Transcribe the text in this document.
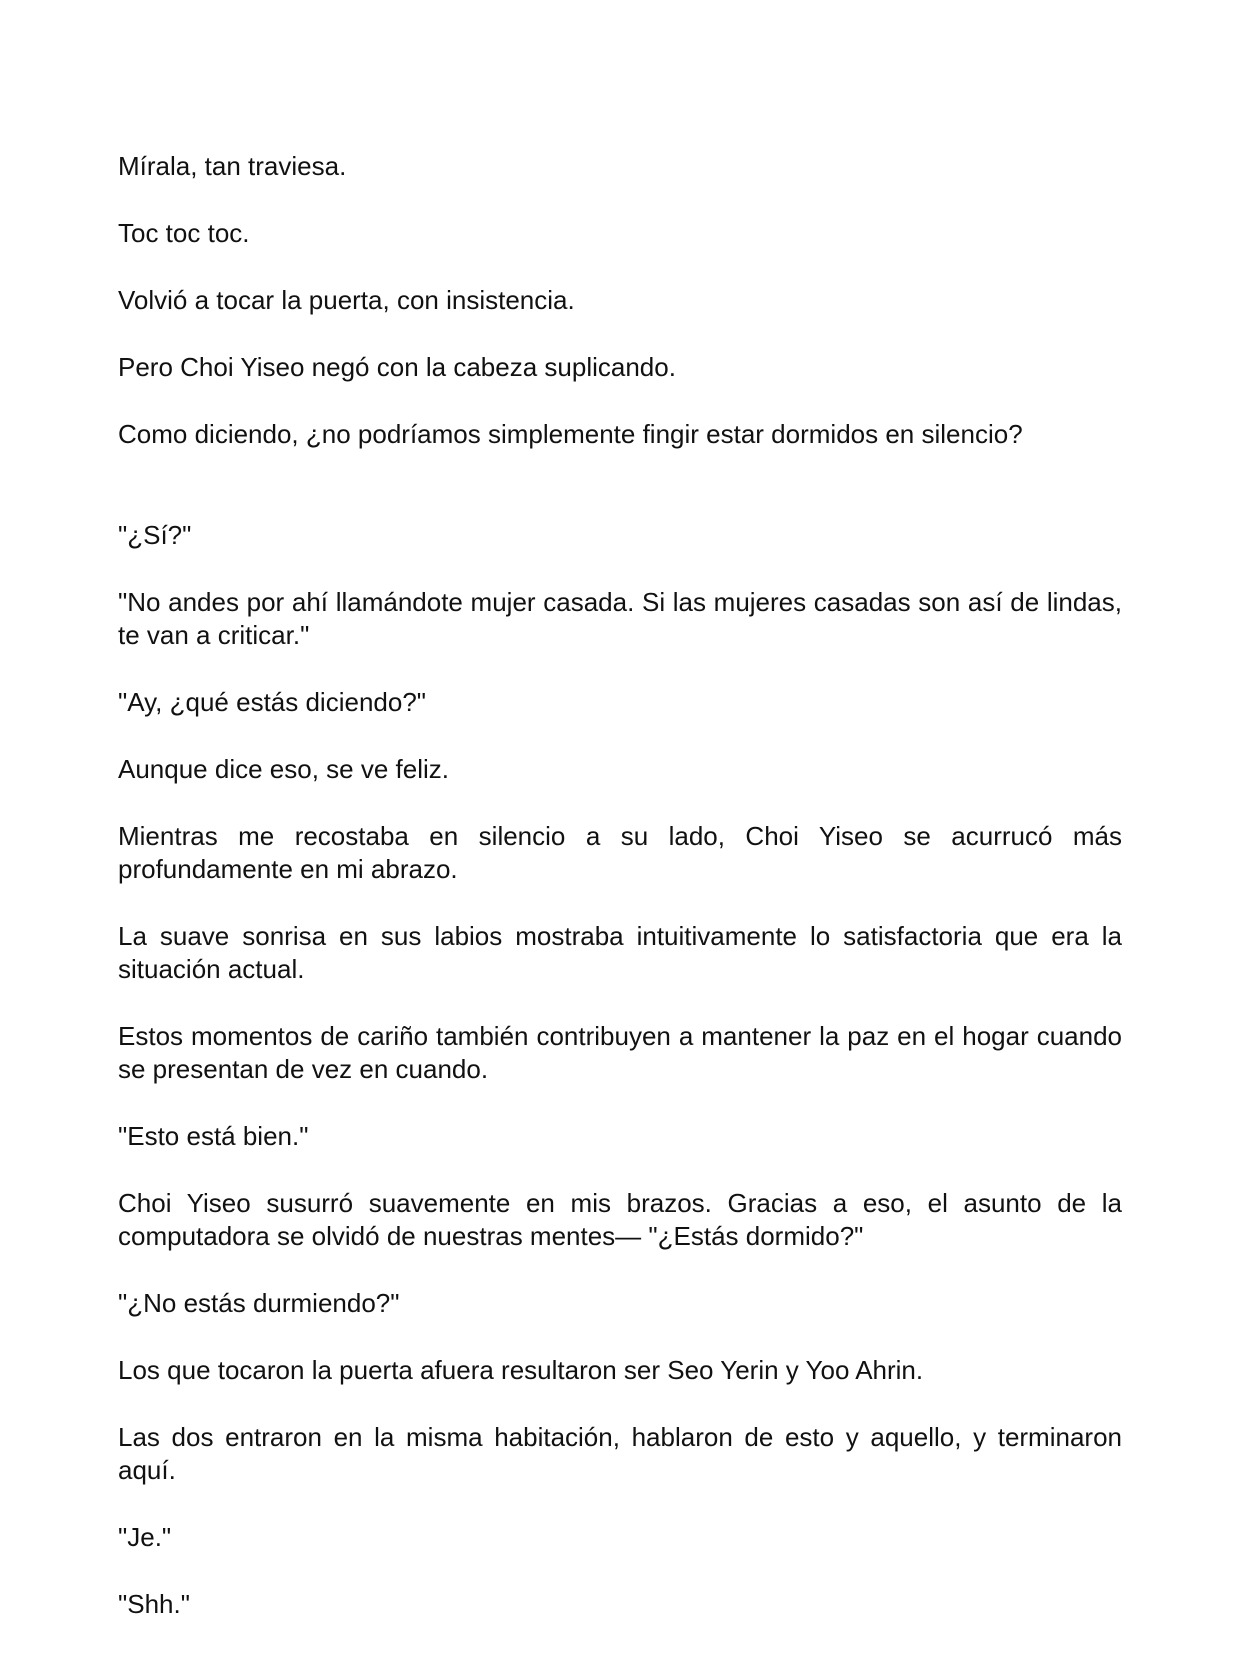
Mírala, tan traviesa.

Toc toc toc.

Volvió a tocar la puerta, con insistencia.

Pero Choi Yiseo negó con la cabeza suplicando.

Como diciendo, ¿no podríamos simplemente fingir estar dormidos en silencio?

"¿Sí?"

"No andes por ahí llamándote mujer casada. Si las mujeres casadas son así de lindas, te van a criticar."

"Ay, ¿qué estás diciendo?"

Aunque dice eso, se ve feliz.

Mientras me recostaba en silencio a su lado, Choi Yiseo se acurrucó más profundamente en mi abrazo.

La suave sonrisa en sus labios mostraba intuitivamente lo satisfactoria que era la situación actual.

Estos momentos de cariño también contribuyen a mantener la paz en el hogar cuando se presentan de vez en cuando.

"Esto está bien."

Choi Yiseo susurró suavemente en mis brazos. Gracias a eso, el asunto de la computadora se olvidó de nuestras mentes— "¿Estás dormido?"

"¿No estás durmiendo?"

Los que tocaron la puerta afuera resultaron ser Seo Yerin y Yoo Ahrin.

Las dos entraron en la misma habitación, hablaron de esto y aquello, y terminaron aquí.

"Je."

"Shh."
